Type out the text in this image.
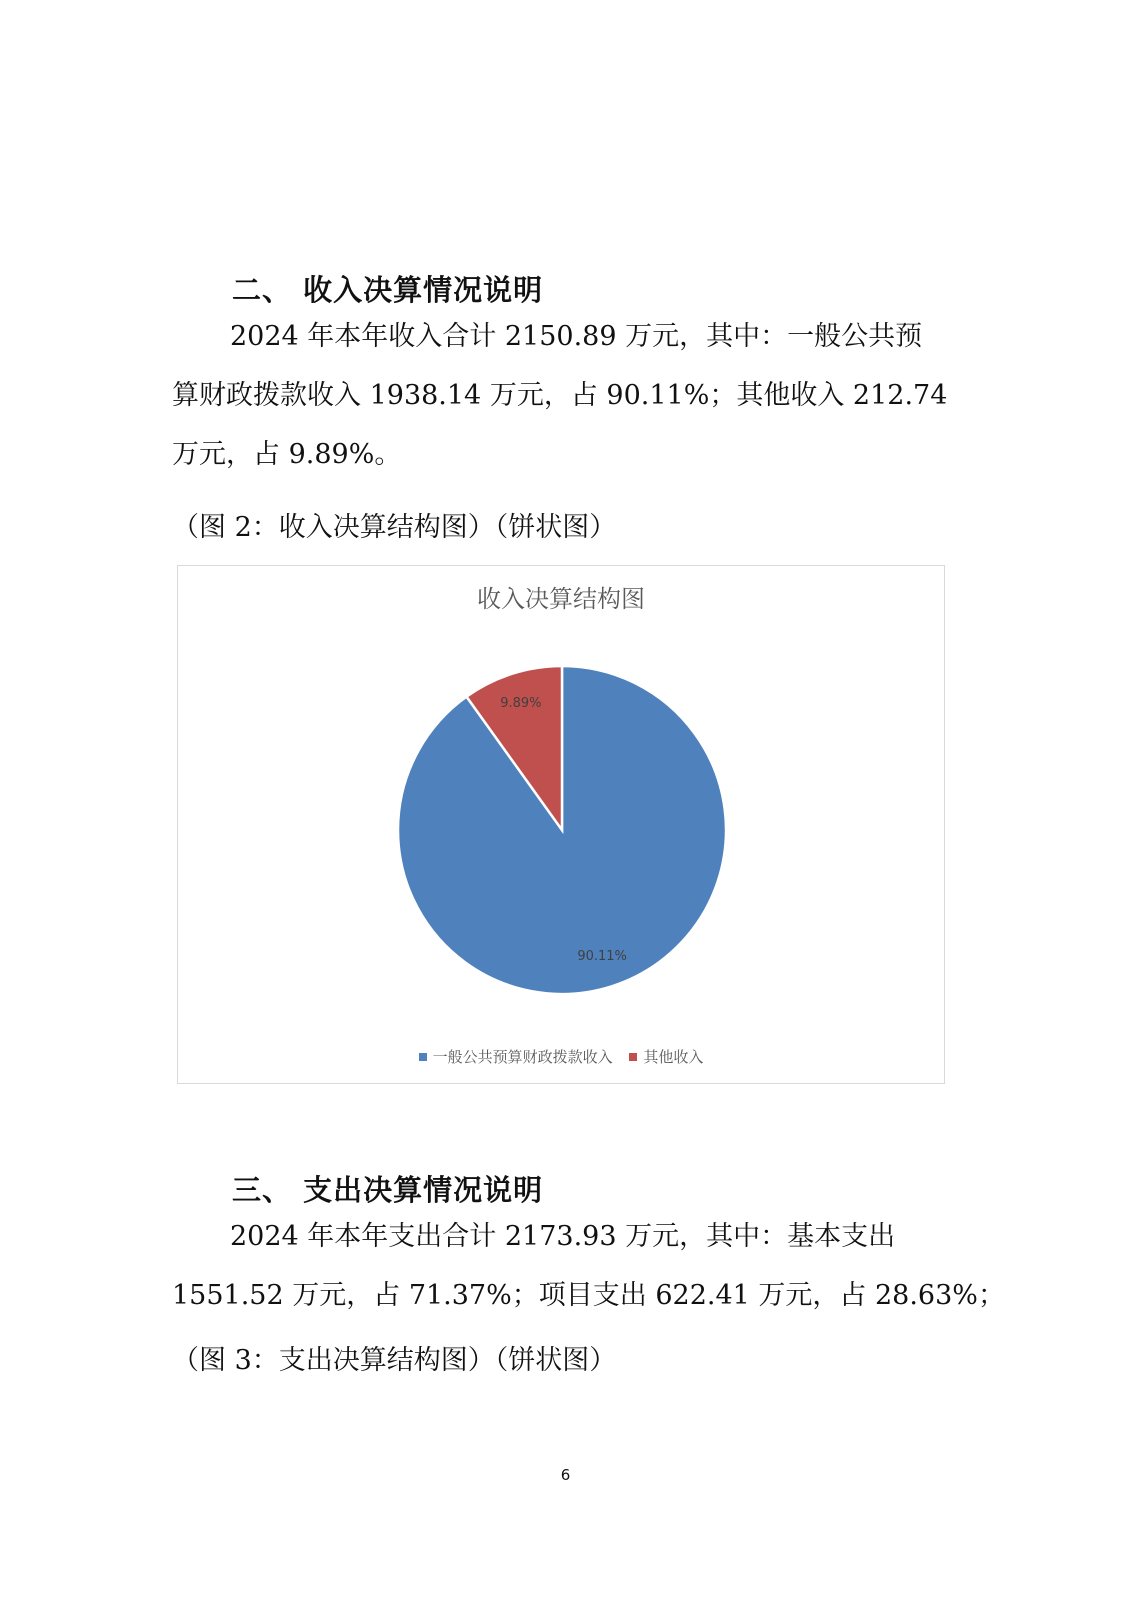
二、 收入决算情况说明
2024 年本年收入合计 2150.89 万元，其中：一般公共预
算财政拨款收入 1938.14 万元，占 90.11%；其他收入 212.74
万元，占 9.89%。
（图 2：收入决算结构图）（饼状图）
收入决算结构图
90.11%
9.89%
一般公共预算财政拨款收入 其他收入
三、 支出决算情况说明
2024 年本年支出合计 2173.93 万元，其中：基本支出
1551.52 万元，占 71.37%；项目支出 622.41 万元，占 28.63%；
（图 3：支出决算结构图）（饼状图）
6
